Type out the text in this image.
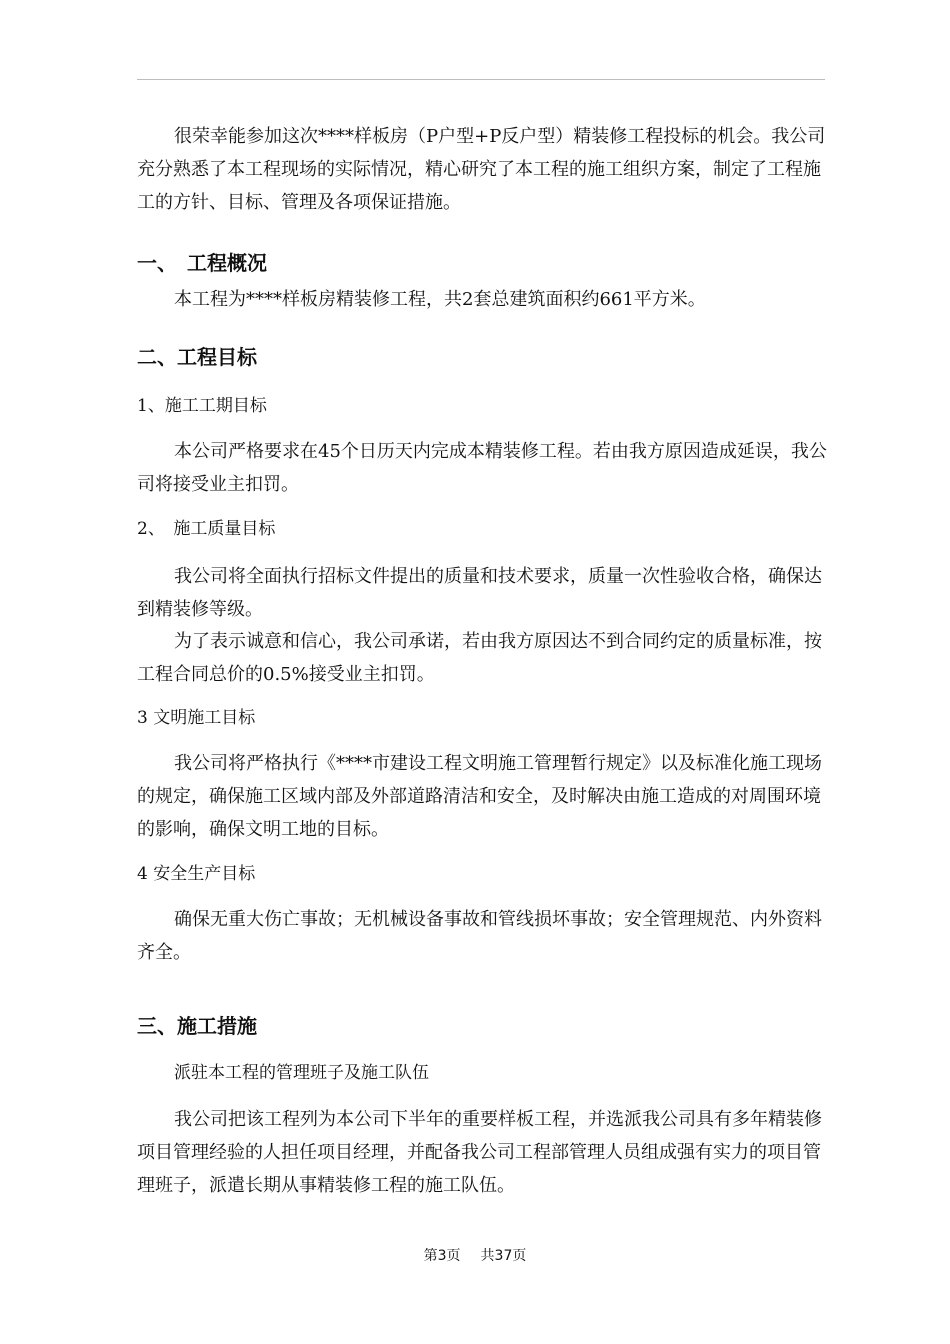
很荣幸能参加这次****样板房（P户型+P反户型）精装修工程投标的机会。我公司充分熟悉了本工程现场的实际情况，精心研究了本工程的施工组织方案，制定了工程施工的方针、目标、管理及各项保证措施。

一、　工程概况

本工程为****样板房精装修工程，共2套总建筑面积约661平方米。

二、工程目标

1、施工工期目标

本公司严格要求在45个日历天内完成本精装修工程。若由我方原因造成延误，我公司将接受业主扣罚。

2、　施工质量目标

我公司将全面执行招标文件提出的质量和技术要求，质量一次性验收合格，确保达到精装修等级。

为了表示诚意和信心，我公司承诺，若由我方原因达不到合同约定的质量标准，按工程合同总价的0.5%接受业主扣罚。

3 文明施工目标

我公司将严格执行《****市建设工程文明施工管理暂行规定》以及标准化施工现场的规定，确保施工区域内部及外部道路清洁和安全，及时解决由施工造成的对周围环境的影响，确保文明工地的目标。

4 安全生产目标

确保无重大伤亡事故；无机械设备事故和管线损坏事故；安全管理规范、内外资料齐全。

三、施工措施

派驻本工程的管理班子及施工队伍

我公司把该工程列为本公司下半年的重要样板工程，并选派我公司具有多年精装修项目管理经验的人担任项目经理，并配备我公司工程部管理人员组成强有实力的项目管理班子，派遣长期从事精装修工程的施工队伍。

第3页 共37页
